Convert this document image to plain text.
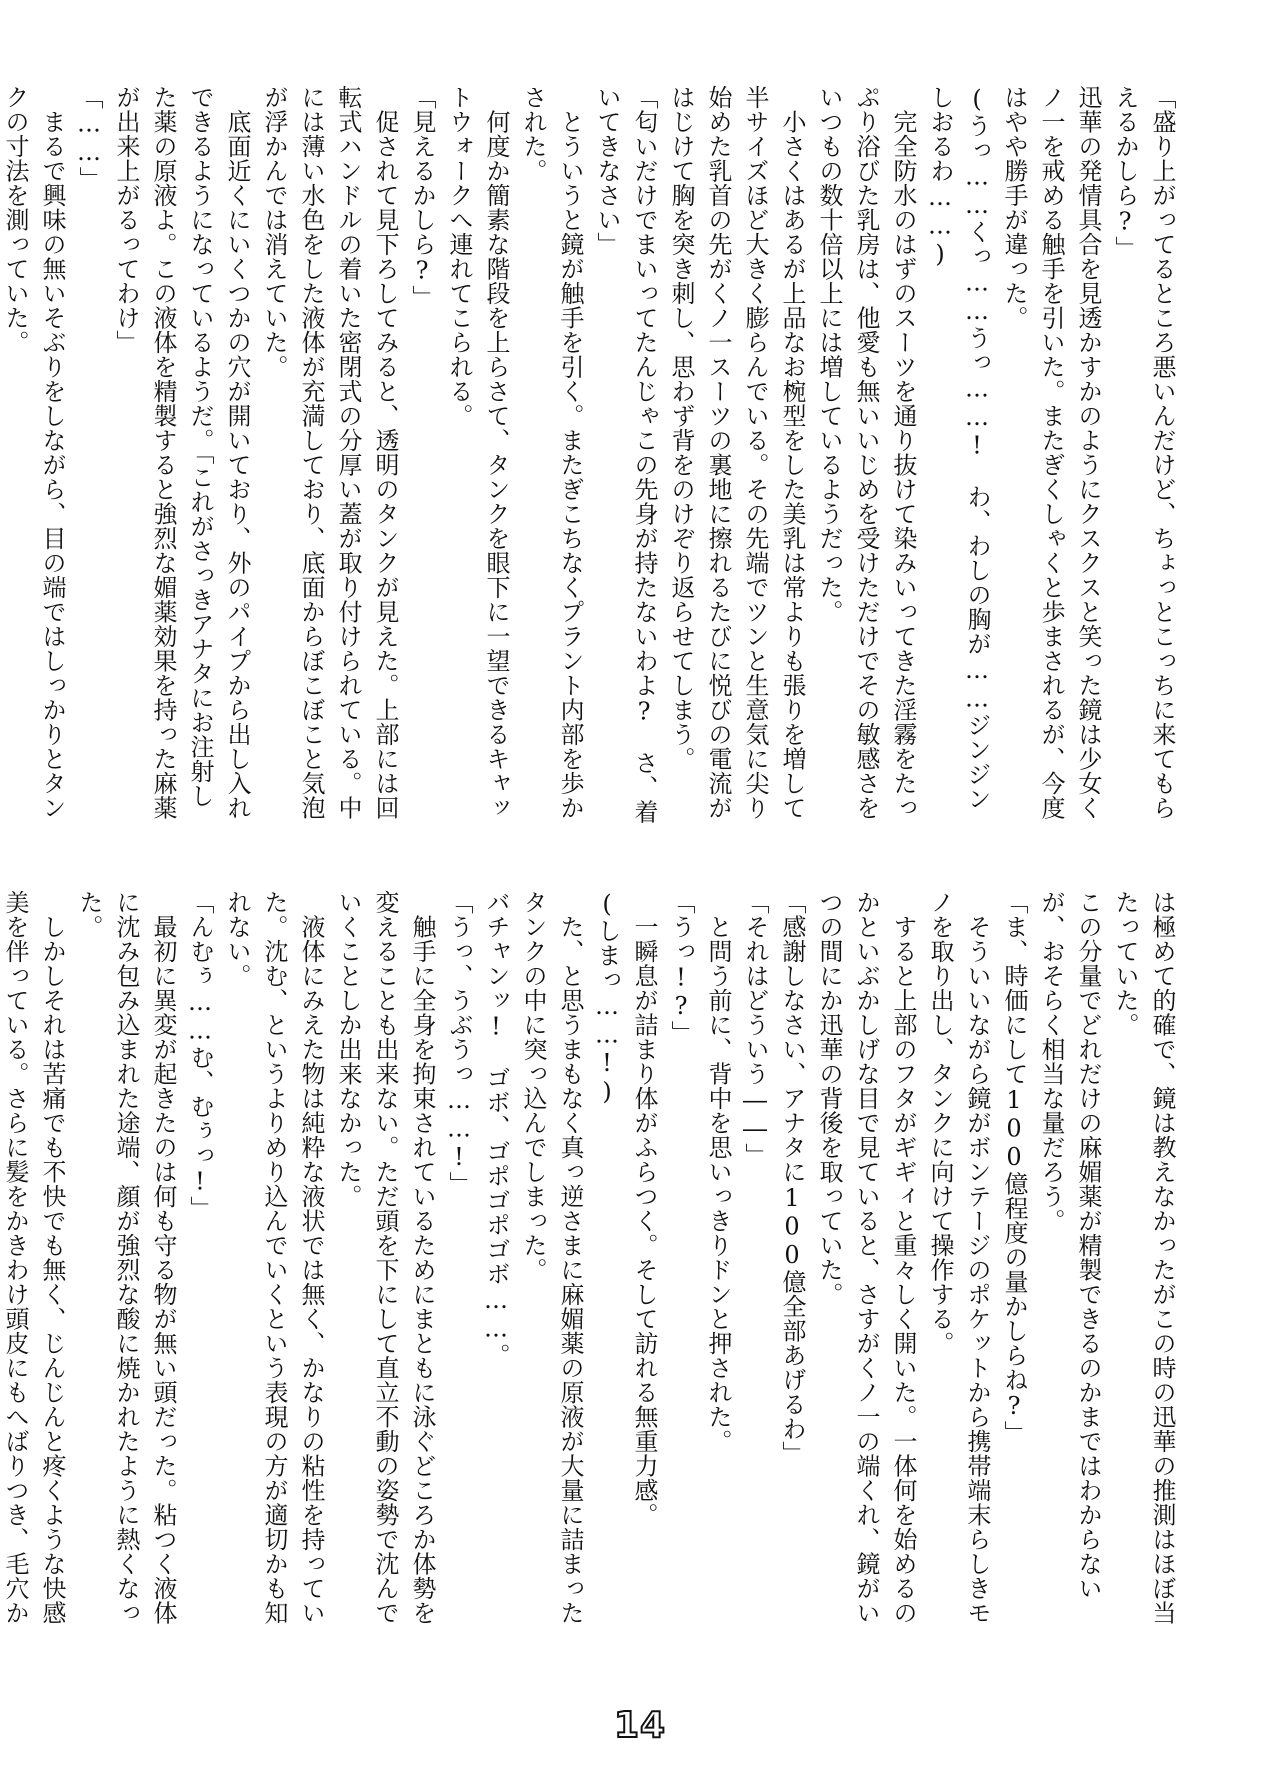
「盛り上がってるところ悪いんだけど、ちょっとこっちに来てもらえるかしら?」

迅華の発情具合を見透かすかのようにクスクスと笑った鏡は少女くノ一を戒める触手を引いた。またぎくしゃくと歩まされるが、今度はやや勝手が違った。

(うっ……くっ……うっ……!　わ、わしの胸が……ジンジンしおるわ……)

　完全防水のはずのスーツを通り抜けて染みいってきた淫霧をたっぷり浴びた乳房は、他愛も無いいじめを受けただけでその敏感さをいつもの数十倍以上には増しているようだった。

　小さくはあるが上品なお椀型をした美乳は常よりも張りを増して半サイズほど大きく膨らんでいる。その先端でツンと生意気に尖り始めた乳首の先がくノ一スーツの裏地に擦れるたびに悦びの電流がはじけて胸を突き刺し、思わず背をのけぞり返らせてしまう。

「匂いだけでまいってたんじゃこの先身が持たないわよ?　さ、着いてきなさい」

　とういうと鏡が触手を引く。またぎこちなくプラント内部を歩かされた。

　何度か簡素な階段を上らさて、タンクを眼下に一望できるキャットウォークへ連れてこられる。

「見えるかしら?」

　促されて見下ろしてみると、透明のタンクが見えた。上部には回転式ハンドルの着いた密閉式の分厚い蓋が取り付けられている。中には薄い水色をした液体が充満しており、底面からぼこぼこと気泡が浮かんでは消えていた。

　底面近くにいくつかの穴が開いており、外のパイプから出し入れできるようになっているようだ。「これがさっきアナタにお注射した薬の原液よ。この液体を精製すると強烈な媚薬効果を持った麻薬が出来上がるってわけ」

「……」

　まるで興味の無いそぶりをしながら、目の端ではしっかりとタンクの寸法を測っていた。

は極めて的確で、鏡は教えなかったがこの時の迅華の推測はほぼ当たっていた。

この分量でどれだけの麻媚薬が精製できるのかまではわからないが、おそらく相当な量だろう。

「ま、時価にして100億程度の量かしらね?」

　そういいながら鏡がボンテージのポケットから携帯端末らしきモノを取り出し、タンクに向けて操作する。

　すると上部のフタがギギィと重々しく開いた。一体何を始めるのかといぶかしげな目で見ていると、さすがくノ一の端くれ、鏡がいつの間にか迅華の背後を取っていた。

「感謝しなさい、アナタに100億全部あげるわ」

「それはどういう――」

　と問う前に、背中を思いっきりドンと押された。

「うっ!?」

　一瞬息が詰まり体がふらつく。そして訪れる無重力感。

(しまっ……!)

　た、と思うまもなく真っ逆さまに麻媚薬の原液が大量に詰まったタンクの中に突っ込んでしまった。

バチャンッ!　ゴボ、ゴポゴポゴボ……。

「うっ、うぶうっ……!」

　触手に全身を拘束されているためにまともに泳ぐどころか体勢を変えることも出来ない。ただ頭を下にして直立不動の姿勢で沈んでいくことしか出来なかった。

　液体にみえた物は純粋な液状では無く、かなりの粘性を持っていた。沈む、というよりめり込んでいくという表現の方が適切かも知れない。

「んむぅ……む、むぅっ!」

　最初に異変が起きたのは何も守る物が無い頭だった。粘つく液体に沈み包み込まれた途端、顔が強烈な酸に焼かれたように熱くなった。

　しかしそれは苦痛でも不快でも無く、じんじんと疼くような快感美を伴っている。さらに髪をかきわけ頭皮にもへばりつき、毛穴か

14
